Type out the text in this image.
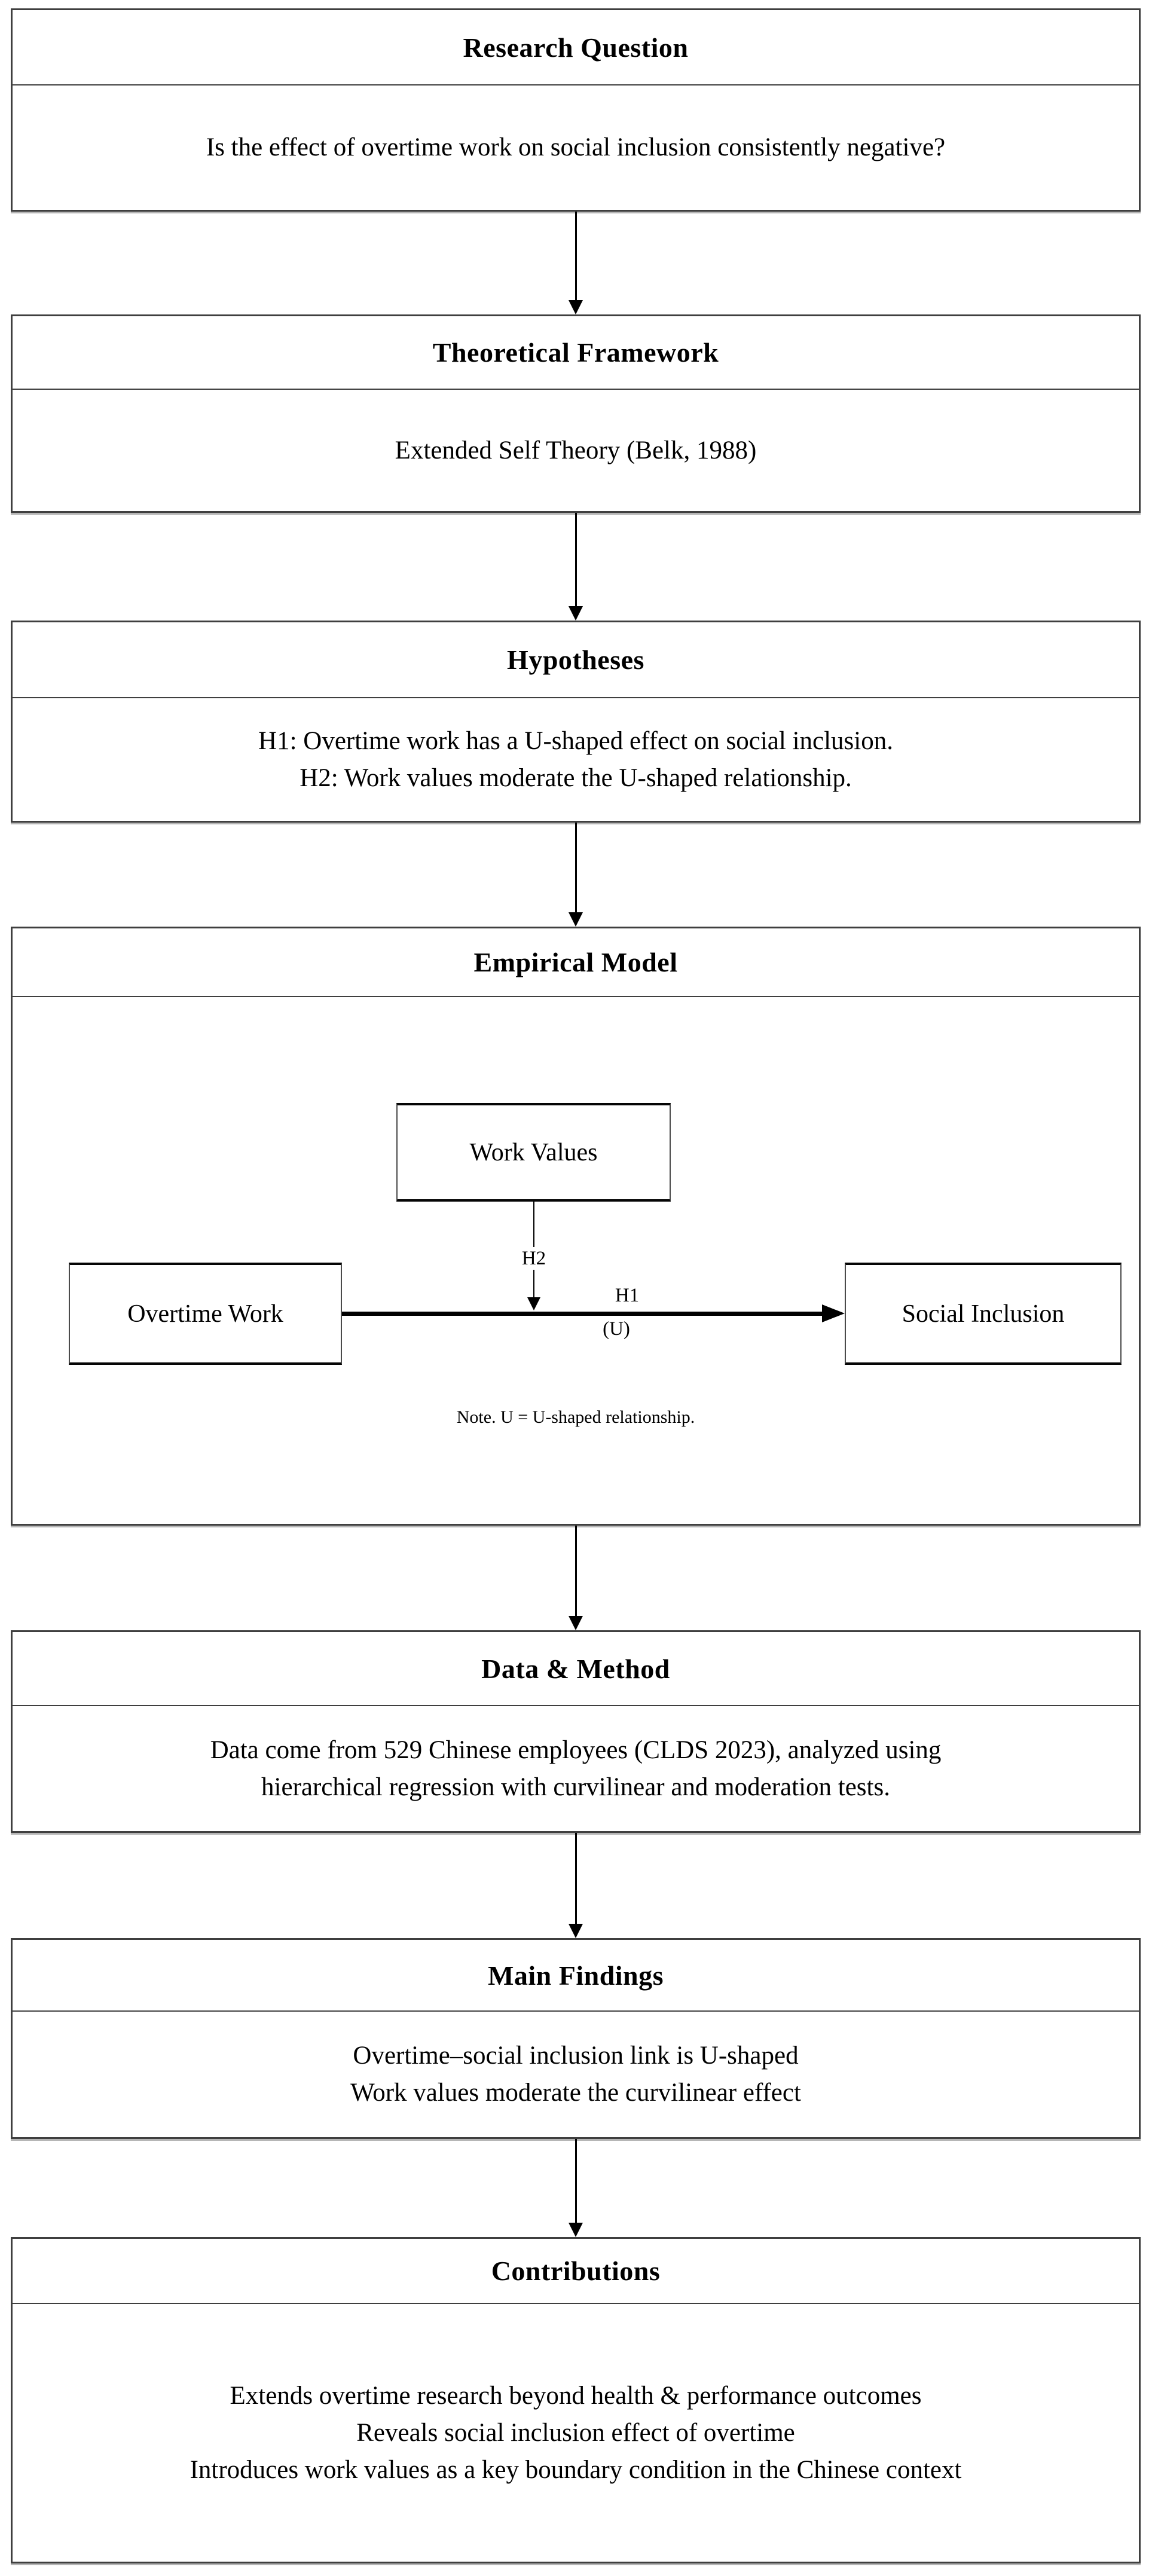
Research Question

Is the effect of overtime work on social inclusion consistently negative?

Theoretical Framework

Extended Self Theory (Belk, 1988)

Hypotheses

H1: Overtime work has a U-shaped effect on social inclusion.

H2: Work values moderate the U-shaped relationship.

Empirical Model
Work Values
H2
Overtime Work
H1
(U)
Social Inclusion
Note. U = U-shaped relationship.
Data & Method

Data come from 529 Chinese employees (CLDS 2023), analyzed using

hierarchical regression with curvilinear and moderation tests.

Main Findings

Overtime–social inclusion link is U-shaped

Work values moderate the curvilinear effect

Contributions

Extends overtime research beyond health & performance outcomes

Reveals social inclusion effect of overtime

Introduces work values as a key boundary condition in the Chinese context
